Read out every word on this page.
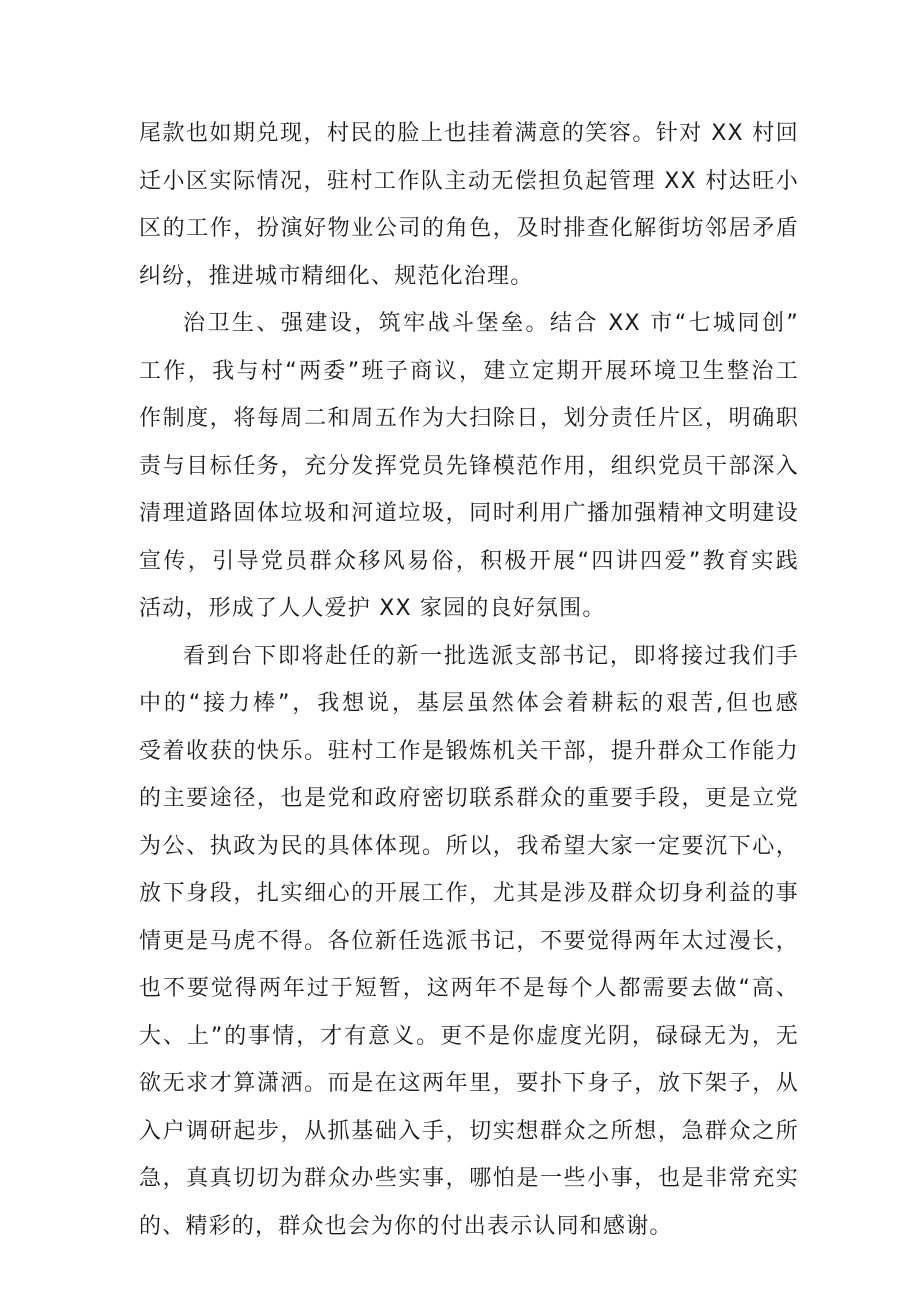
尾款也如期兑现，村民的脸上也挂着满意的笑容。针对 XX 村回
迁小区实际情况，驻村工作队主动无偿担负起管理 XX 村达旺小
区的工作，扮演好物业公司的角色，及时排查化解街坊邻居矛盾
纠纷，推进城市精细化、规范化治理。
治卫生、强建设，筑牢战斗堡垒。结合 XX 市“七城同创”
工作，我与村“两委”班子商议，建立定期开展环境卫生整治工
作制度，将每周二和周五作为大扫除日，划分责任片区，明确职
责与目标任务，充分发挥党员先锋模范作用，组织党员干部深入
清理道路固体垃圾和河道垃圾，同时利用广播加强精神文明建设
宣传，引导党员群众移风易俗，积极开展“四讲四爱”教育实践
活动，形成了人人爱护 XX 家园的良好氛围。
看到台下即将赴任的新一批选派支部书记，即将接过我们手
中的“接力棒”，我想说，基层虽然体会着耕耘的艰苦,但也感
受着收获的快乐。驻村工作是锻炼机关干部，提升群众工作能力
的主要途径，也是党和政府密切联系群众的重要手段，更是立党
为公、执政为民的具体体现。所以，我希望大家一定要沉下心，
放下身段，扎实细心的开展工作，尤其是涉及群众切身利益的事
情更是马虎不得。各位新任选派书记，不要觉得两年太过漫长，
也不要觉得两年过于短暂，这两年不是每个人都需要去做“高、
大、上”的事情，才有意义。更不是你虚度光阴，碌碌无为，无
欲无求才算潇洒。而是在这两年里，要扑下身子，放下架子，从
入户调研起步，从抓基础入手，切实想群众之所想，急群众之所
急，真真切切为群众办些实事，哪怕是一些小事，也是非常充实
的、精彩的，群众也会为你的付出表示认同和感谢。
